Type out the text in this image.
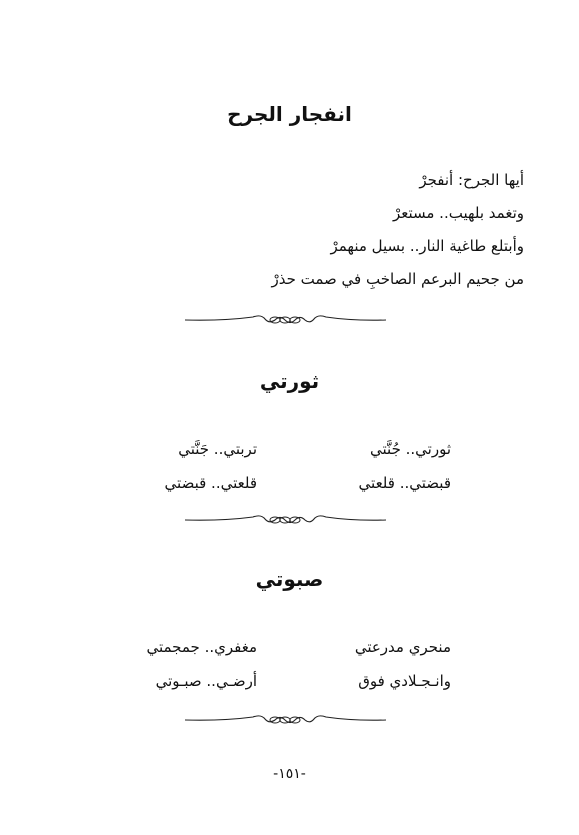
انفجار الجرح
أيها الجرح: أنفجرْ
وتغمد بلهيب.. مستعرْ
وأبتلع طاغية النار.. بسيل منهمرْ
من جحيم البرعم الصاخبِ في صمت حذرْ
ثورتي
ثورتي.. جُنَّتي
تربتي.. جَنَّتي
قبضتي.. قلعتي
قلعتي.. قبضتي
صبوتي
منحري مدرعتي
مغفري.. جمجمتي
وانـجـلادي فوق
أرضـي.. صبـوتي
-١٥١-
